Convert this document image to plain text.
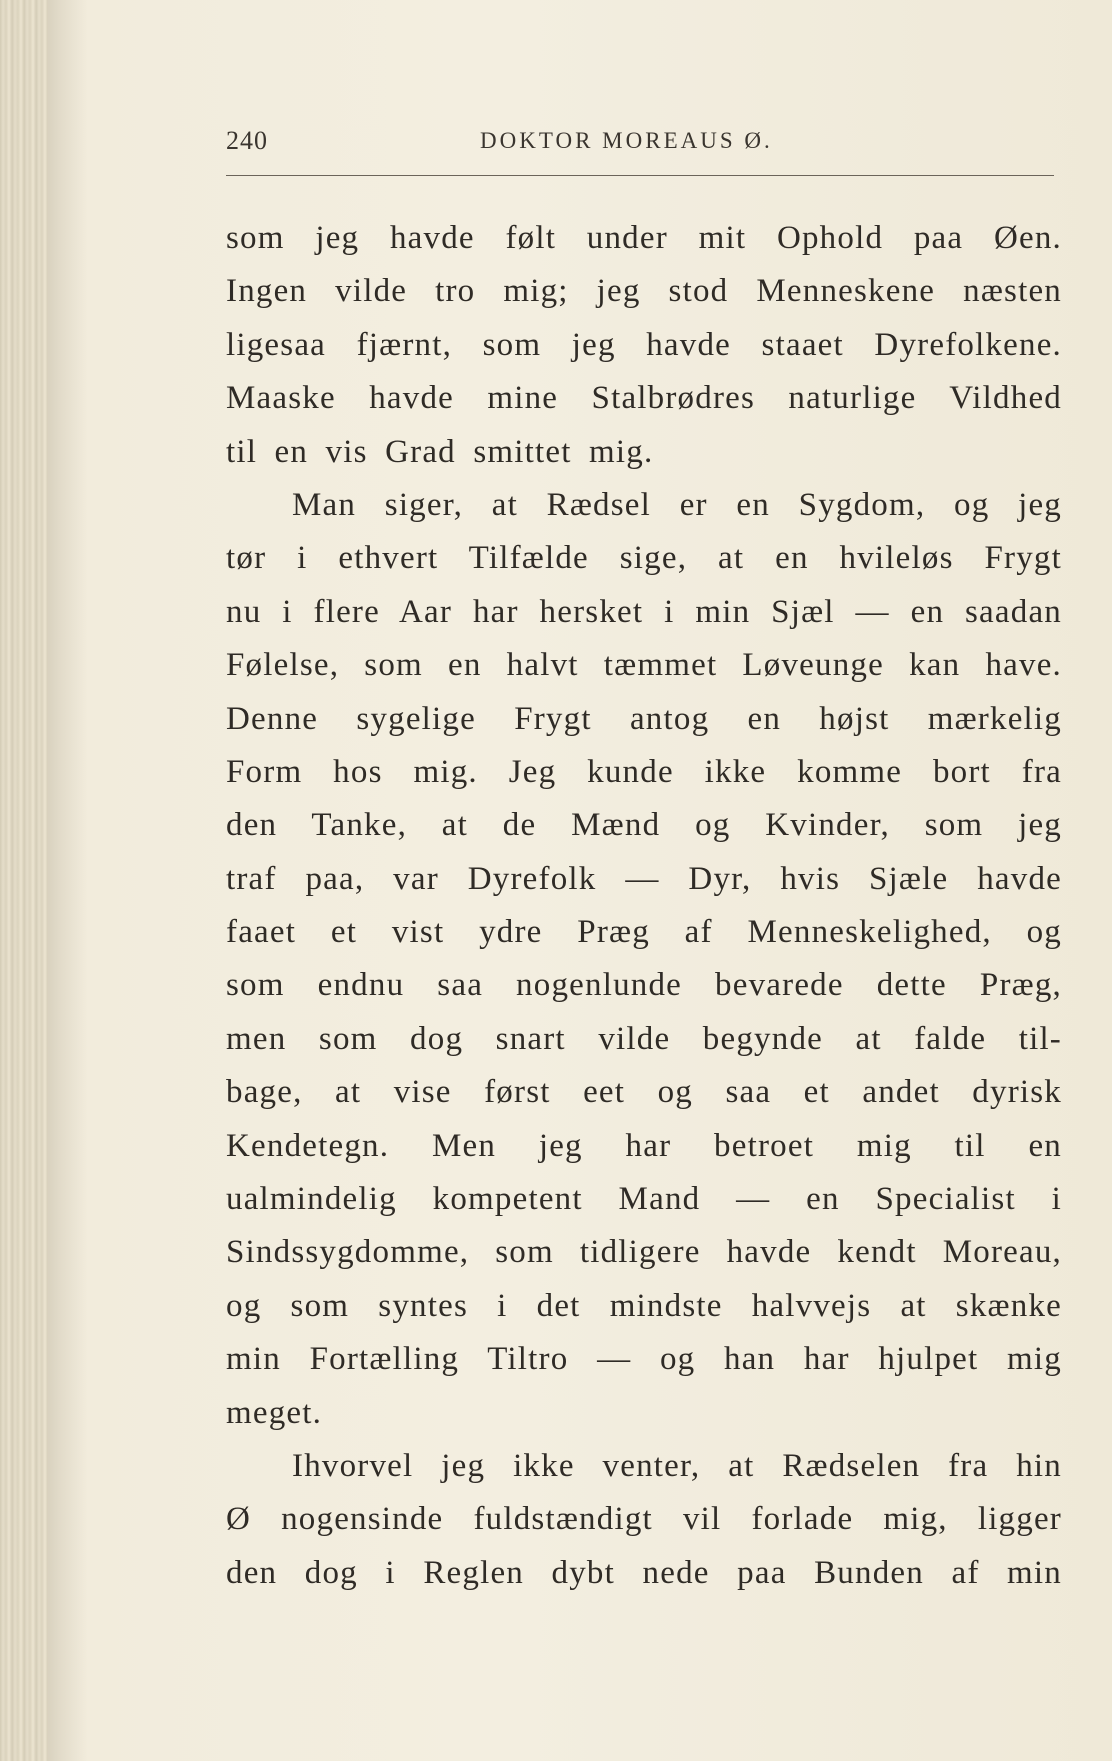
240	DOKTOR MOREAUS Ø.
som jeg havde følt under mit Ophold paa Øen.
Ingen vilde tro mig; jeg stod Menneskene næsten
ligesaa fjærnt, som jeg havde staaet Dyrefolkene.
Maaske havde mine Stalbrødres naturlige Vildhed
til en vis Grad smittet mig.
Man siger, at Rædsel er en Sygdom, og jeg
tør i ethvert Tilfælde sige, at en hvileløs Frygt
nu i flere Aar har hersket i min Sjæl — en saadan
Følelse, som en halvt tæmmet Løveunge kan have.
Denne sygelige Frygt antog en højst mærkelig
Form hos mig. Jeg kunde ikke komme bort fra
den Tanke, at de Mænd og Kvinder, som jeg
traf paa, var Dyrefolk — Dyr, hvis Sjæle havde
faaet et vist ydre Præg af Menneskelighed, og
som endnu saa nogenlunde bevarede dette Præg,
men som dog snart vilde begynde at falde til-
bage, at vise først eet og saa et andet dyrisk
Kendetegn. Men jeg har betroet mig til en
ualmindelig kompetent Mand — en Specialist i
Sindssygdomme, som tidligere havde kendt Moreau,
og som syntes i det mindste halvvejs at skænke
min Fortælling Tiltro — og han har hjulpet mig
meget.
Ihvorvel jeg ikke venter, at Rædselen fra hin
Ø nogensinde fuldstændigt vil forlade mig, ligger
den dog i Reglen dybt nede paa Bunden af min
